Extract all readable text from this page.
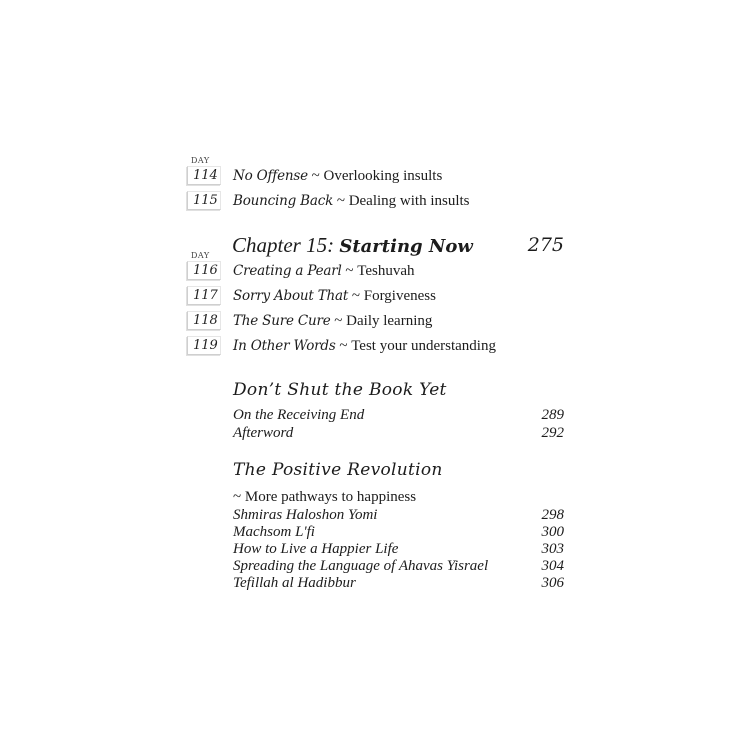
DAY
114 No Offense ~ Overlooking insults
115 Bouncing Back ~ Dealing with insults
Chapter 15: Starting Now	275
DAY
116 Creating a Pearl ~ Teshuvah
117 Sorry About That ~ Forgiveness
118 The Sure Cure ~ Daily learning
119 In Other Words ~ Test your understanding
Don’t Shut the Book Yet
On the Receiving End	289
Afterword	292
The Positive Revolution
~ More pathways to happiness
Shmiras Haloshon Yomi	298
Machsom L'fi	300
How to Live a Happier Life	303
Spreading the Language of Ahavas Yisrael	304
Tefillah al Hadibbur	306
